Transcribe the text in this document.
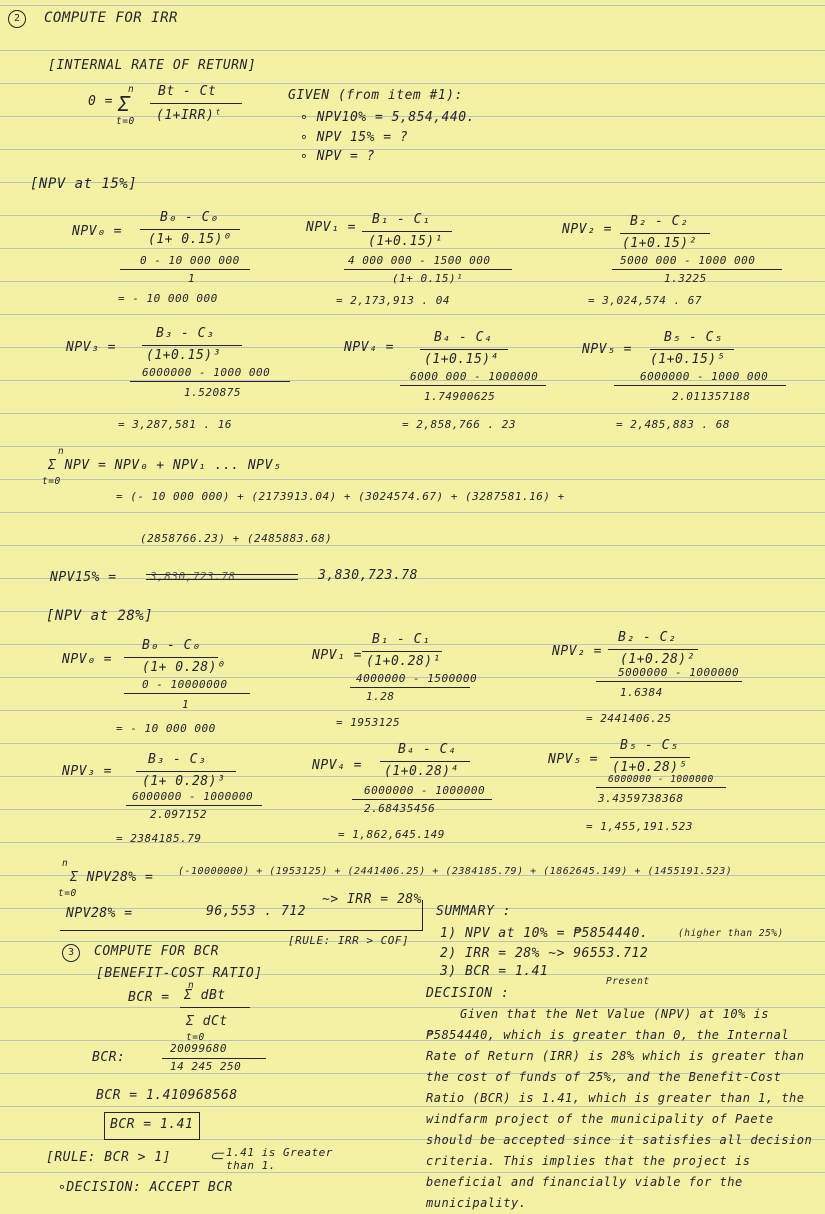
2	COMPUTE FOR IRR
[INTERNAL RATE OF RETURN]
0 =
n
Σ
t=0
Bt - Ct
(1+IRR)ᵗ
GIVEN (from item #1):
∘ NPV10% = 5,854,440.
∘ NPV 15% = ?
∘ NPV = ?
[NPV at 15%]
NPV₀ =
B₀ - C₀
(1+ 0.15)⁰
0 - 10 000 000
1
= - 10 000 000
NPV₁ =
B₁ - C₁
(1+0.15)¹
4 000 000 - 1500 000
(1+ 0.15)¹
= 2,173,913 . 04
NPV₂ =
B₂ - C₂
(1+0.15)²
5000 000 - 1000 000
1.3225
= 3,024,574 . 67
NPV₃ =
B₃ - C₃
(1+0.15)³
6000000 - 1000 000
1.520875
= 3,287,581 . 16
NPV₄ =
B₄ - C₄
(1+0.15)⁴
6000 000 - 1000000
1.74900625
= 2,858,766 . 23
NPV₅ =
B₅ - C₅
(1+0.15)⁵
6000000 - 1000 000
2.011357188
= 2,485,883 . 68
n
t=0
Σ NPV = NPV₀ + NPV₁ ... NPV₅
= (- 10 000 000) + (2173913.04) + (3024574.67) + (3287581.16) +
(2858766.23) + (2485883.68)
NPV15% =	3,830,723.78	3,830,723.78
[NPV at 28%]
NPV₀ =
B₀ - C₀
(1+ 0.28)⁰
0 - 10000000
1
= - 10 000 000
NPV₁ =
B₁ - C₁
(1+0.28)¹
4000000 - 1500000
1.28
= 1953125
NPV₂ =
B₂ - C₂
(1+0.28)²
5000000 - 1000000
1.6384
= 2441406.25
NPV₃ =
B₃ - C₃
(1+ 0.28)³
6000000 - 1000000
2.097152
= 2384185.79
NPV₄ =
B₄ - C₄
(1+0.28)⁴
6000000 - 1000000
2.68435456
= 1,862,645.149
NPV₅ =
B₅ - C₅
(1+0.28)⁵
6000000 - 1000000
3.4359738368
= 1,455,191.523
n
t=0
Σ NPV28% = (-10000000) + (1953125) + (2441406.25) + (2384185.79) + (1862645.149) + (1455191.523)
NPV28% =	96,553 . 712
~> IRR = 28%
[RULE: IRR > COF]
3	COMPUTE FOR BCR
[BENEFIT-COST RATIO]
BCR =
n
Σ dBt
Σ dCt
t=0
BCR:
20099680
14 245 250
BCR = 1.410968568
BCR = 1.41
[RULE: BCR > 1] ⸦ 1.41 is Greater than 1.
∘DECISION: ACCEPT BCR
SUMMARY :
1) NPV at 10% = ₱5854440.
2) IRR = 28% ~> 96553.712
(higher than 25%)
3) BCR = 1.41
DECISION :
Present
Given that the Net Value (NPV) at 10% is ₱5854440, which is greater than 0, the Internal Rate of Return (IRR) is 28% which is greater than the cost of funds of 25%, and the Benefit-Cost Ratio (BCR) is 1.41, which is greater than 1, the windfarm project of the municipality of Paete should be accepted since it satisfies all decision criteria. This implies that the project is beneficial and financially viable for the municipality.
